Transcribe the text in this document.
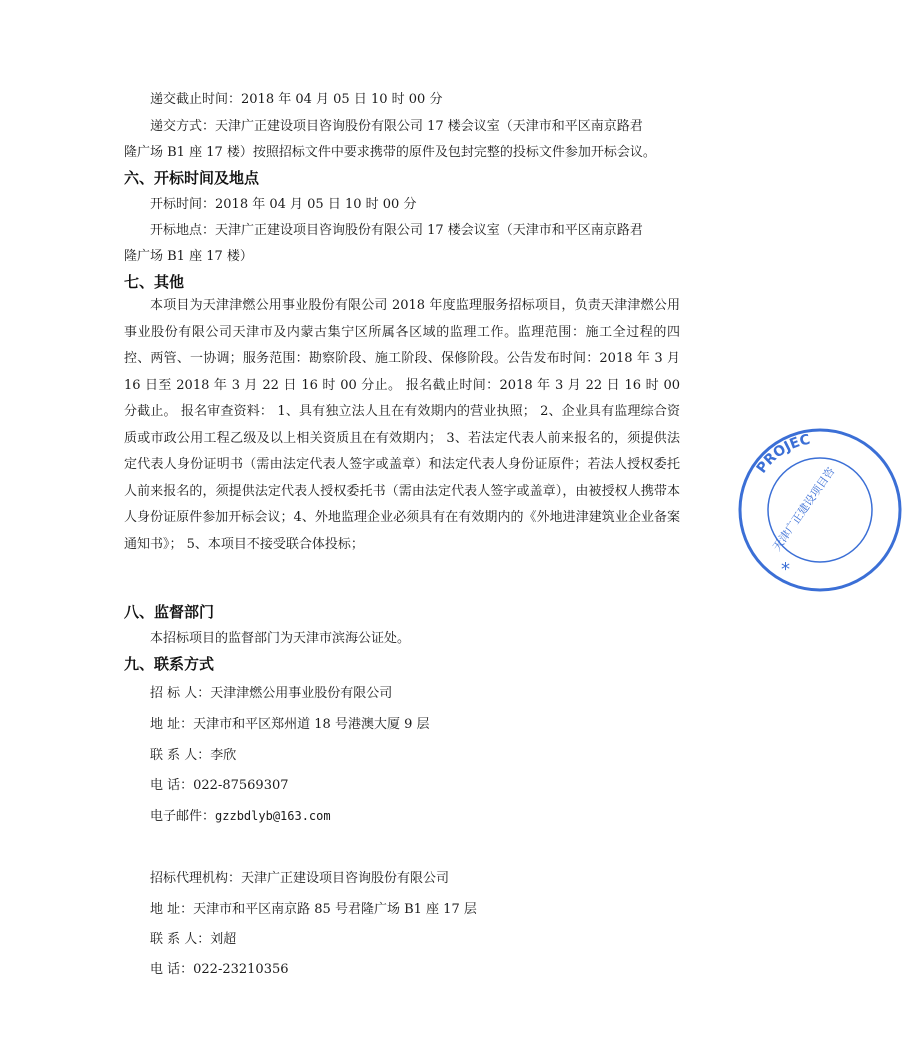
递交截止时间：2018 年 04 月 05 日 10 时 00 分
递交方式：天津广正建设项目咨询股份有限公司 17 楼会议室（天津市和平区南京路君
隆广场 B1 座 17 楼）按照招标文件中要求携带的原件及包封完整的投标文件参加开标会议。
六、开标时间及地点
开标时间：2018 年 04 月 05 日 10 时 00 分
开标地点：天津广正建设项目咨询股份有限公司 17 楼会议室（天津市和平区南京路君
隆广场 B1 座 17 楼）
七、其他
本项目为天津津燃公用事业股份有限公司 2018 年度监理服务招标项目，负责天津津燃公用事业股份有限公司天津市及内蒙古集宁区所属各区域的监理工作。监理范围：施工全过程的四控、两管、一协调；服务范围：勘察阶段、施工阶段、保修阶段。公告发布时间：2018 年 3 月 16 日至 2018 年 3 月 22 日 16 时 00 分止。 报名截止时间：2018 年 3 月 22 日 16 时 00 分截止。 报名审查资料： 1、具有独立法人且在有效期内的营业执照； 2、企业具有监理综合资质或市政公用工程乙级及以上相关资质且在有效期内； 3、若法定代表人前来报名的，须提供法定代表人身份证明书（需由法定代表人签字或盖章）和法定代表人身份证原件；若法人授权委托人前来报名的，须提供法定代表人授权委托书（需由法定代表人签字或盖章），由被授权人携带本人身份证原件参加开标会议；4、外地监理企业必须具有在有效期内的《外地进津建筑业企业备案通知书》； 5、本项目不接受联合体投标；
八、监督部门
本招标项目的监督部门为天津市滨海公证处。
九、联系方式
招 标 人：天津津燃公用事业股份有限公司
地 址：天津市和平区郑州道 18 号港澳大厦 9 层
联 系 人：李欣
电 话：022-87569307
电子邮件：gzzbdlyb@163.com
招标代理机构：天津广正建设项目咨询股份有限公司
地 址：天津市和平区南京路 85 号君隆广场 B1 座 17 层
联 系 人：刘超
电 话：022-23210356
PROJEC
天津广正建设项目咨
*
